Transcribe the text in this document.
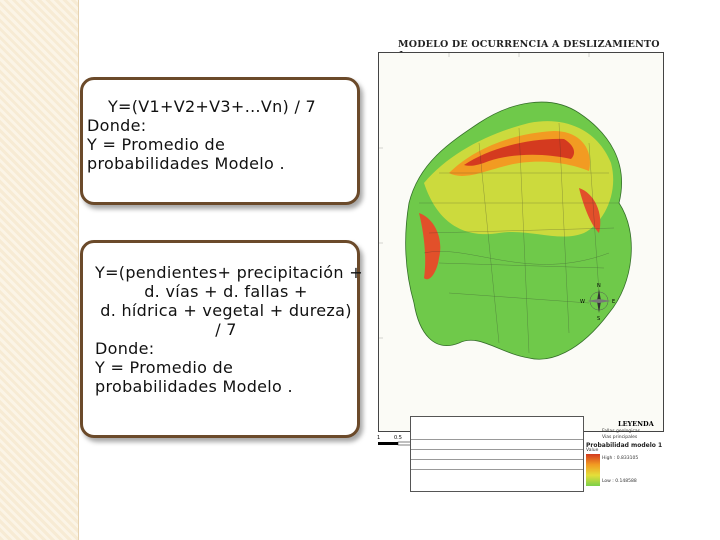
Y=(V1+V2+V3+…Vn) / 7
Donde:
Y = Promedio de
probabilidades Modelo .
Y=(pendientes+ precipitación +
d. vías + d. fallas +
d. hídrica + vegetal + dureza)
/ 7
Donde:
Y = Promedio de
probabilidades Modelo .
MODELO DE OCURRENCIA A DESLIZAMIENTO
N
S
E
W
1	0.5
LEYENDA
Fallas geologicas
Vias principales
Probabilidad modelo 1
Value
High : 0.833105
Low : 0.148588
